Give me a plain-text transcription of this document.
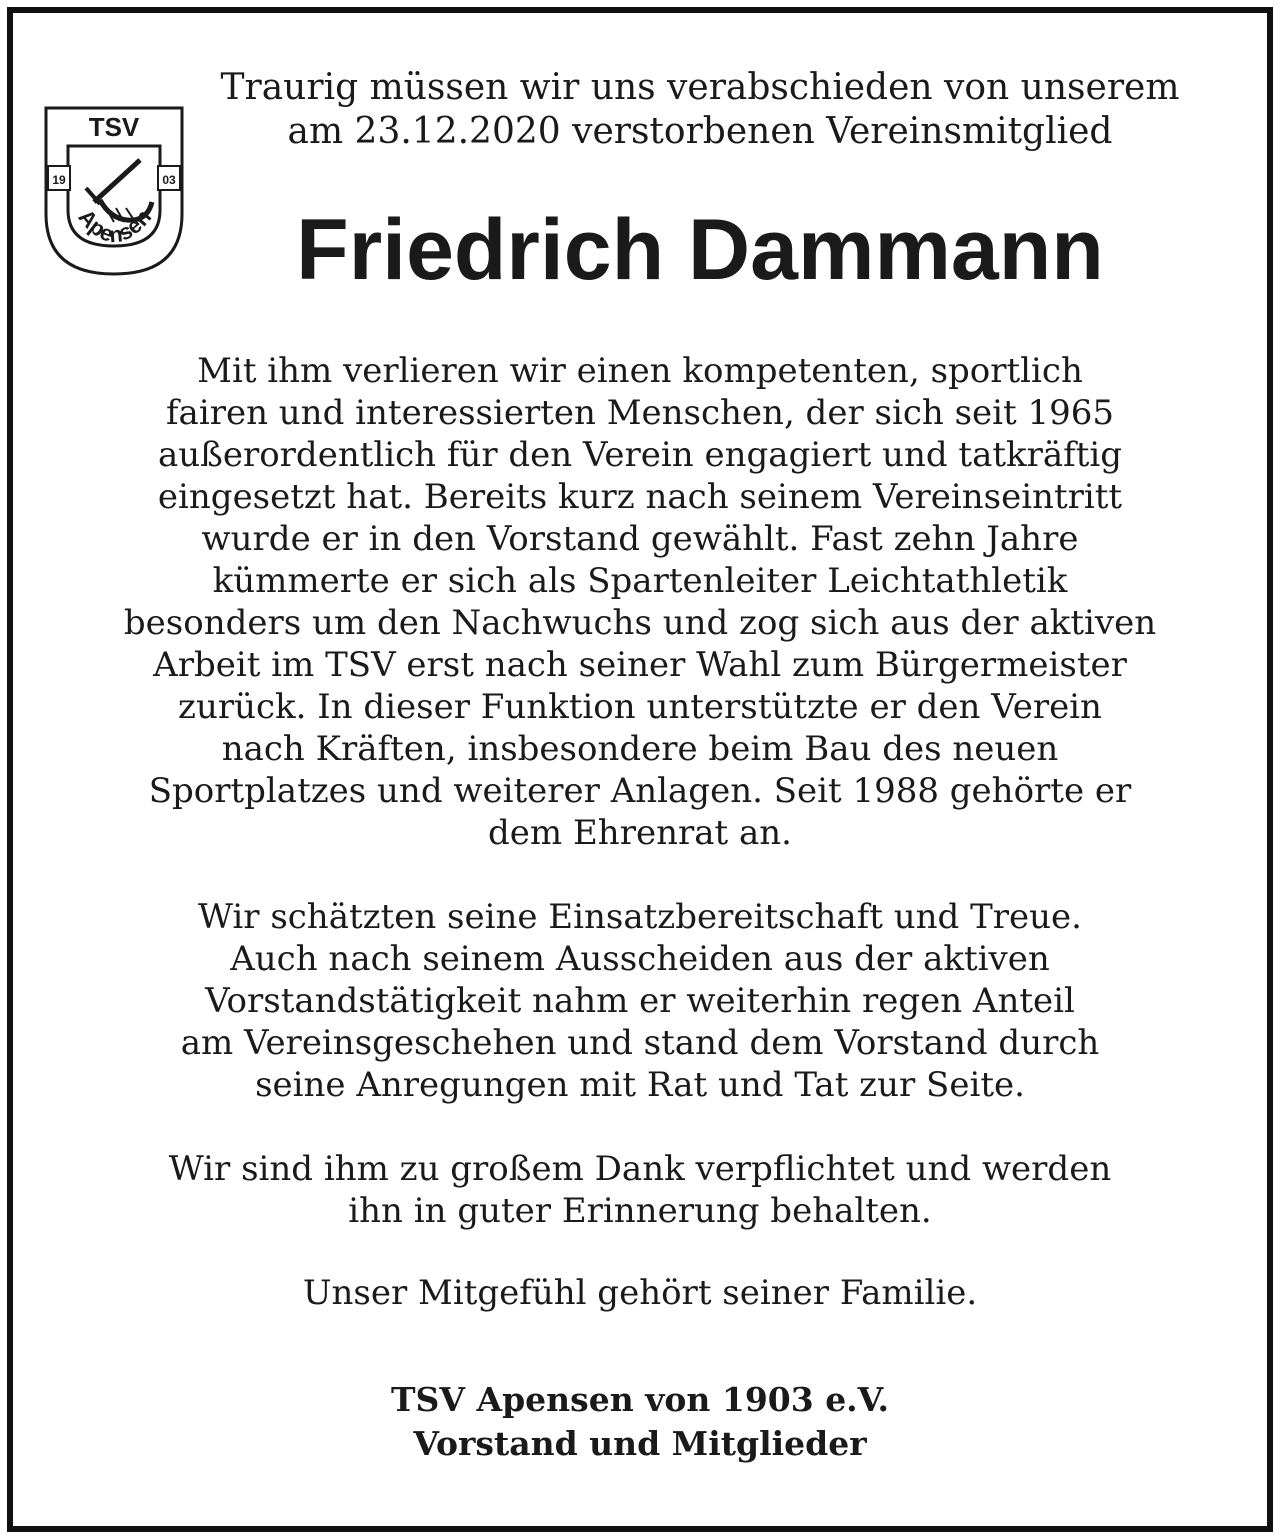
TSV
19	03
Apensen

Traurig müssen wir uns verabschieden von unserem

am 23.12.2020 verstorbenen Vereinsmitglied

Friedrich Dammann

Mit ihm verlieren wir einen kompetenten, sportlich

fairen und interessierten Menschen, der sich seit 1965

außerordentlich für den Verein engagiert und tatkräftig

eingesetzt hat. Bereits kurz nach seinem Vereinseintritt

wurde er in den Vorstand gewählt. Fast zehn Jahre

kümmerte er sich als Spartenleiter Leichtathletik

besonders um den Nachwuchs und zog sich aus der aktiven

Arbeit im TSV erst nach seiner Wahl zum Bürgermeister

zurück. In dieser Funktion unterstützte er den Verein

nach Kräften, insbesondere beim Bau des neuen

Sportplatzes und weiterer Anlagen. Seit 1988 gehörte er

dem Ehrenrat an.

Wir schätzten seine Einsatzbereitschaft und Treue.

Auch nach seinem Ausscheiden aus der aktiven

Vorstandstätigkeit nahm er weiterhin regen Anteil

am Vereinsgeschehen und stand dem Vorstand durch

seine Anregungen mit Rat und Tat zur Seite.

Wir sind ihm zu großem Dank verpflichtet und werden

ihn in guter Erinnerung behalten.

Unser Mitgefühl gehört seiner Familie.

TSV Apensen von 1903 e.V.

Vorstand und Mitglieder
